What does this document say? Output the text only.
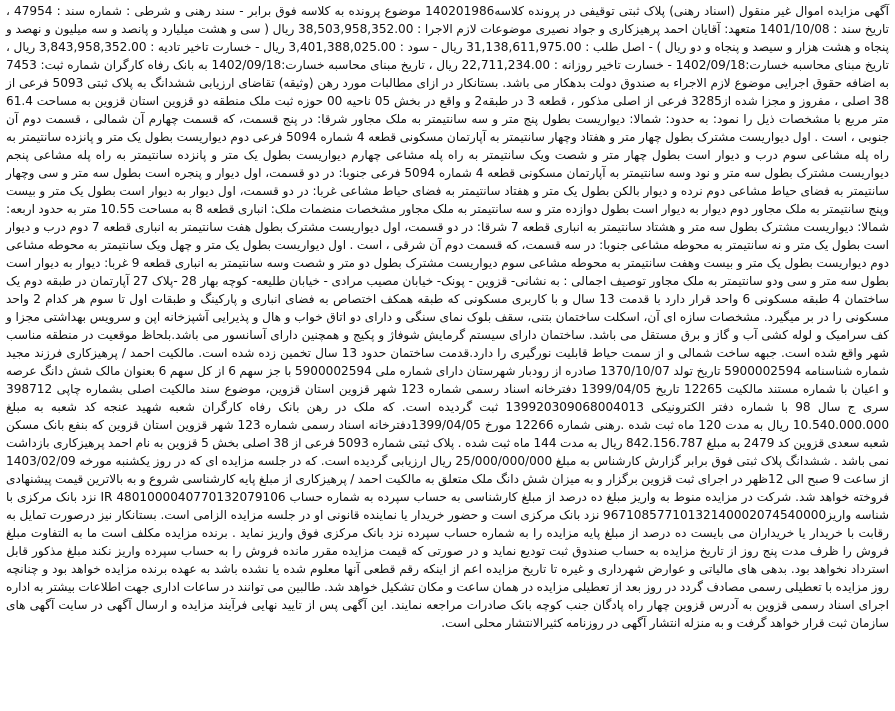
آگهی مزایده اموال غیر منقول (اسناد رهنی) پلاک ثبتی توقیفی در پرونده کلاسه140201986 موضوع پرونده به کلاسه فوق برابر - سند رهنی و شرطی : شماره سند : 47954 ، تاریخ سند : 1401/10/08 متعهد: آقایان احمد پرهیزکاری و جواد نصیری موضوعات لازم الاجرا : 38,503,958,352.00 ریال ( سی و هشت میلیارد و پانصد و سه میلیون و نهصد و پنجاه و هشت هزار و سیصد و پنجاه و دو ریال ) - اصل طلب : 31,138,611,975.00 ریال - سود : 3,401,388,025.00 ریال - خسارت تاخیر تادیه : 3,843,958,352.00 ریال ، تاریخ مبنای محاسبه خسارت:1402/09/18 - خسارت تاخیر روزانه : 22,711,234.00 ریال ، تاریخ مبنای محاسبه خسارت:1402/09/18 به بانک رفاه کارگران شماره ثبت: 7453 به اضافه حقوق اجرایی موضوع لازم الاجراء به صندوق دولت بدهکار می باشد. بستانکار در ازای مطالبات مورد رهن (وثیقه) تقاضای ارزیابی ششدانگ به پلاک ثبتی 5093 فرعی از 38 اصلی ، مفروز و مجزا شده از3285 فرعی از اصلی مذکور ، قطعه 3 در طبقه2 و واقع در بخش 05 ناحیه 00 حوزه ثبت ملک منطقه دو قزوین استان قزوین به مساحت 61.4 متر مربع با مشخصات ذیل را نمود: به حدود: شمالا: دیواریست بطول پنج متر و سه سانتیمتر به ملک مجاور شرقا: در پنج قسمت، که قسمت چهارم آن شمالی ، قسمت دوم آن جنوبی ، است . اول دیواریست مشترک بطول چهار متر و هفتاد وچهار سانتیمتر به آپارتمان مسکونی قطعه 4 شماره 5094 فرعی دوم دیواریست بطول یک متر و پانزده سانتیمتر به راه پله مشاعی سوم درب و دیوار است بطول چهار متر و شصت ویک سانتیمتر به راه پله مشاعی چهارم دیواریست بطول یک متر و پانزده سانتیمتر به راه پله مشاعی پنجم دیواریست مشترک بطول سه متر و نود وسه سانتیمتر به آپارتمان مسکونی قطعه 4 شماره 5094 فرعی جنوبا: در دو قسمت، اول دیوار و پنجره است بطول سه متر و سی وچهار سانتیمتر به فضای حیاط مشاعی دوم نرده و دیوار بالکن بطول یک متر و هفتاد سانتیمتر به فضای حیاط مشاعی غربا: در دو قسمت، اول دیوار به دیوار است بطول یک متر و بیست وپنج سانتیمتر به ملک مجاور دوم دیوار به دیوار است بطول دوازده متر و سه سانتیمتر به ملک مجاور مشخصات منضمات ملک: انباری قطعه 8 به مساحت 10.55 متر به حدود اربعه: شمالا: دیواریست مشترک بطول سه متر و هشتاد سانتیمتر به انباری قطعه 7 شرقا: در دو قسمت، اول دیواریست مشترک بطول هفت سانتیمتر به انباری قطعه 7 دوم درب و دیوار است بطول یک متر و نه سانتیمتر به محوطه مشاعی جنوبا: در سه قسمت، که قسمت دوم آن شرقی ، است . اول دیواریست بطول یک متر و چهل ویک سانتیمتر به محوطه مشاعی دوم دیواریست بطول یک متر و بیست وهفت سانتیمتر به محوطه مشاعی سوم دیواریست مشترک بطول دو متر و شصت وسه سانتیمتر به انباری قطعه 9 غربا: دیوار به دیوار است بطول سه متر و سی ودو سانتیمتر به ملک مجاور توصیف اجمالی : به نشانی- قزوین - پونک- خیابان مصیب مرادی - خیابان طلیعه- کوچه بهار 28 -پلاک 27 آپارتمان در طبقه دوم یک ساختمان 4 طبقه مسکونی 6 واحد قرار دارد با قدمت 13 سال و با کاربری مسکونی که طبقه همکف اختصاص به فضای انباری و پارکینگ و طبقات اول تا سوم هر کدام 2 واحد مسکونی را در بر میگیرد. مشخصات سازه ای آن، اسکلت ساختمان بتنی، سقف بلوک نمای سنگی و دارای دو اتاق خواب و هال و پذیرایی آشپزخانه اپن و سرویس بهداشتی مجزا و کف سرامیک و لوله کشی آب و گاز و برق مستقل می باشد. ساختمان دارای سیستم گرمایش شوفاژ و پکیج و همچنین دارای آسانسور می باشد.بلحاظ موقعیت در منطقه مناسب شهر واقع شده است. جبهه ساخت شمالی و از سمت حیاط قابلیت نورگیری را دارد.قدمت ساختمان حدود 13 سال تخمین زده شده است. مالکیت احمد / پرهیزکاری فرزند مجید شماره شناسنامه 5900002594 تاریخ تولد 1370/10/07 صادره از رودبار شهرستان دارای شماره ملی 5900002594 با جز سهم 6 از کل سهم 6 بعنوان مالک شش دانگ عرصه و اعیان با شماره مستند مالکیت 12265 تاریخ 1399/04/05 دفترخانه اسناد رسمی شماره 123 شهر قزوین استان قزوین، موضوع سند مالکیت اصلی بشماره چاپی 398712 سری ج سال 98 با شماره دفتر الکترونیکی 139920309068004013 ثبت گردیده است. که ملک در رهن بانک رفاه کارگران شعبه شهید عنجه کد شعبه به مبلغ 10.540.000.000 ریال به مدت 120 ماه ثبت شده .رهنی شماره 12266 مورخ 1399/04/05دفترخانه اسناد رسمی شماره 123 شهر قزوین استان قزوین که بنفع بانک مسکن شعبه سعدی قزوین کد 2479 به مبلغ 842.156.787 ریال به مدت 144 ماه ثبت شده . پلاک ثبتی شماره 5093 فرعی از 38 اصلی بخش 5 قزوین به نام احمد پرهیزکاری بازداشت نمی باشد . ششدانگ پلاک ثبتی فوق برابر گزارش کارشناس به مبلغ 25/000/000/000 ریال ارزیابی گردیده است. که در جلسه مزایده ای که در روز یکشنبه مورخه 1403/02/09 از ساعت 9 صبح الی 12ظهر در اجرای ثبت قزوین برگزار و به میزان شش دانگ ملک متعلق به مالکیت احمد / پرهیزکاری از مبلغ پایه کارشناسی شروع و به بالاترین قیمت پیشنهادی فروخته خواهد شد. شرکت در مزایده منوط به واریز مبلغ ده درصد از مبلغ کارشناسی به حساب سپرده به شماره حساب 4801000040770132079106 IR نزد بانک مرکزی با شناسه واریز96710857710132140002074540000 نزد بانک مرکزی است و حضور خریدار یا نماینده قانونی او در جلسه مزایده الزامی است. بستانکار نیز درصورت تمایل به رقابت با خریدار یا خریداران می بایست ده درصد از مبلغ پایه مزایده را به شماره حساب سپرده نزد بانک مرکزی فوق واریز نماید . برنده مزایده مکلف است ما به التفاوت مبلغ فروش را ظرف مدت پنج روز از تاریخ مزایده به حساب صندوق ثبت تودیع نماید و در صورتی که قیمت مزایده مقرر مانده فروش را به حساب سپرده واریز نکند مبلغ مذکور قابل استرداد نخواهد بود. بدهی های مالیاتی و عوارض شهرداری و غیره تا تاریخ مزایده اعم از اینکه رقم قطعی آنها معلوم شده یا نشده باشد به عهده برنده مزایده خواهد بود و چنانچه روز مزایده با تعطیلی رسمی مصادف گردد در روز بعد از تعطیلی مزایده در همان ساعت و مکان تشکیل خواهد شد. طالبین می توانند در ساعات اداری جهت اطلاعات بیشتر به اداره اجرای اسناد رسمی قزوین به آدرس قزوین چهار راه پادگان جنب کوچه بانک صادرات مراجعه نمایند. این آگهی پس از تایید نهایی فرآیند مزایده و ارسال آگهی در سایت آگهی های سازمان ثبت قرار خواهد گرفت و به منزله انتشار آگهی در روزنامه کثیرالانتشار محلی است.
